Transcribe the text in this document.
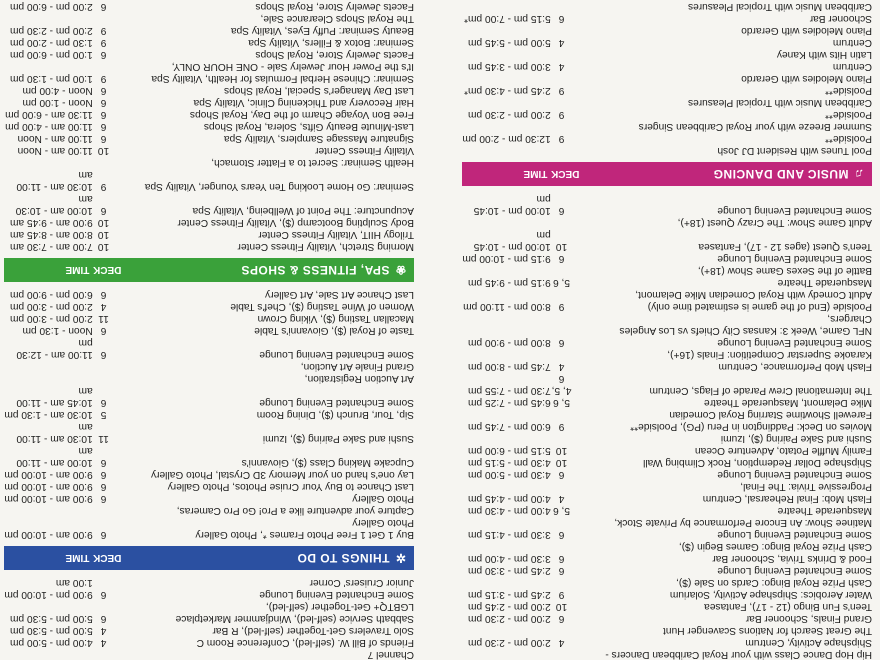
Hip Hop Dance Class with your Royal Caribbean Dancers -
Shipshape Activity, Centrum
4
2:00 pm - 2:30 pm
The Great Search for Nations Scavenger Hunt
Grand Finals, Schooner Bar
6
2:00 pm - 2:30 pm
Teen's Fun Bingo (12 - 17), Fantasea
10
2:00 pm - 2:45 pm
Water Aerobics: Shipshape Activity, Solarium
9
2:45 pm - 3:15 pm
Cash Prize Royal Bingo: Cards on Sale ($),
Some Enchanted Evening Lounge
6
2:45 pm - 3:30 pm
Food & Drinks Trivia, Schooner Bar
6
3:30 pm - 4:00 pm
Cash Prize Royal Bingo: Games Begin ($),
Some Enchanted Evening Lounge
6
3:30 pm - 4:15 pm
Matinee Show: An Encore Performance by Private Stock,
Masquerade Theatre
5, 6
4:00 pm - 4:30 pm
Flash Mob: Final Rehearsal, Centrum
4
4:00 pm - 4:45 pm
Progressive Trivia: The Final,
Some Enchanted Evening Lounge
6
4:30 pm - 5:00 pm
Shipshape Dollar Redemption, Rock Climbing Wall
10
4:30 pm - 5:15 pm
Family Muffle Potato, Adventure Ocean
10
5:15 pm - 6:00 pm
Sushi and Sake Pairing ($), Izumi
Movies on Deck: Paddington in Peru (PG), Poolside**
9
6:00 pm - 7:45 pm
Farewell Showtime Starring Royal Comedian
Mike Delamont, Masquerade Theatre
5, 6
6:45 pm - 7:25 pm
The International Crew Parade of Flags, Centrum
4, 5, 6
7:30 pm - 7:55 pm
Flash Mob Performance, Centrum
4
7:45 pm - 8:00 pm
Karaoke Superstar Competition: Finals (16+),
Some Enchanted Evening Lounge
6
8:00 pm - 9:00 pm
NFL Game, Week 3: Kansas City Chiefs vs Los Angeles Chargers,
Poolside (End of the game is estimated time only)
9
8:00 pm - 11:00 pm
Adult Comedy with Royal Comedian Mike Delamont,
Masquerade Theatre
5, 6
9:15 pm - 9:45 pm
Battle of the Sexes Game Show (18+),
Some Enchanted Evening Lounge
6
9:15 pm - 10:00 pm
Teen's Quest (ages 12 - 17), Fantasea
10
10:00 pm - 10:45 pm
Adult Game Show: The Crazy Quest (18+),
Some Enchanted Evening Lounge
6
10:00 pm - 10:45 pm
♫
MUSIC AND DANCING
DECK
TIME
Pool Tunes with Resident DJ Josh
Poolside**
9
12:30 pm - 2:00 pm
Summer Breeze with your Royal Caribbean Singers
Poolside**
9
2:00 pm - 2:30 pm
Caribbean Music with Tropical Pleasures
Poolside**
9
2:45 pm - 4:30 pm*
Piano Melodies with Gerardo
Centrum
4
3:00 pm - 3:45 pm
Latin Hits with Kaney
Centrum
4
5:00 pm - 5:45 pm
Piano Melodies with Gerardo
Schooner Bar
6
5:15 pm - 7:00 pm*
Caribbean Music with Tropical Pleasures
Channel 7
Friends of Bill W. (self-led), Conference Room C
4
4:00 pm - 5:00 pm
Solo Travelers Get-Together (self-led), R Bar
4
5:00 pm - 5:30 pm
Sabbath Service (self-led), Windjammer Marketplace
6
5:00 pm - 5:30 pm
LGBTQ+ Get-Together (self-led),
Some Enchanted Evening Lounge
6
9:00 pm - 10:00 pm
Junior Cruisers' Corner
1:00 am
✲
THINGS TO DO
DECK
TIME
Buy 1 Get 1 Free Photo Frames *, Photo Gallery
6
9:00 am - 10:00 pm
Photo Gallery
Capture your adventure like a Pro! Go Pro Cameras,
Photo Gallery
6
9:00 am - 10:00 pm
Last Chance to Buy Your Cruise Photos, Photo Gallery
6
9:00 am - 10:00 pm
Lay one's hand on your Memory 3D Crystal, Photo Gallery
6
9:00 am - 10:00 pm
Cupcake Making Class ($), Giovanni's
6
10:00 am - 11:00 am
Sushi and Sake Pairing ($), Izumi
11
10:30 am - 11:00 am
Sip, Tour, Brunch ($), Dining Room
5
10:30 am - 1:30 pm
Some Enchanted Evening Lounge
6
10:45 am - 11:00 am
Art Auction Registration,
Grand Finale Art Auction,
Some Enchanted Evening Lounge
6
11:00 am - 12:30 pm
Taste of Royal ($), Giovanni's Table
6
Noon - 1:30 pm
Macallan Tasting ($), Viking Crown
11
2:00 pm - 3:00 pm
Women of Wine Tasting ($), Chef's Table
4
2:00 pm - 3:00 pm
Last Chance Art Sale, Art Gallery
6
6:00 pm - 9:00 pm
❀
SPA, FITNESS & SHOPS
DECK
TIME
Morning Stretch, Vitality Fitness Center
10
7:00 am - 7:30 am
Trilogy HIIT, Vitality Fitness Center
10
8:00 am - 8:45 am
Body Sculpting Bootcamp ($), Vitality Fitness Center
10
9:00 am - 9:45 am
Acupuncture: The Point of Wellbeing, Vitality Spa
6
10:00 am - 10:30 am
Seminar: Go Home Looking Ten Years Younger, Vitality Spa
9
10:30 am - 11:00 am
Health Seminar: Secret to a Flatter Stomach,
Vitality Fitness Center
10
11:00 am - Noon
Signature Massage Samplers, Vitality Spa
6
11:00 am - Noon
Last-Minute Beauty Gifts, Solera, Royal Shops
6
11:00 am - 4:00 pm
Free Bon Voyage Charm of the Day, Royal Shops
6
11:30 am - 6:00 pm
Hair Recovery and Thickening Clinic, Vitality Spa
6
Noon - 1:00 pm
Last Day Manager's Special, Royal Shops
6
Noon - 4:00 pm
Seminar: Chinese Herbal Formulas for Health, Vitality Spa
9
1:00 pm - 1:30 pm
It's the Power Hour Jewelry Sale - ONE HOUR ONLY,
Facets Jewelry Store, Royal Shops
6
1:00 pm - 6:00 pm
Seminar: Botox & Fillers, Vitality Spa
9
1:30 pm - 2:00 pm
Beauty Seminar: Puffy Eyes, Vitality Spa
9
2:00 pm - 2:30 pm
The Royal Shops Clearance Sale,
Facets Jewelry Store, Royal Shops
6
2:00 pm - 6:00 pm
